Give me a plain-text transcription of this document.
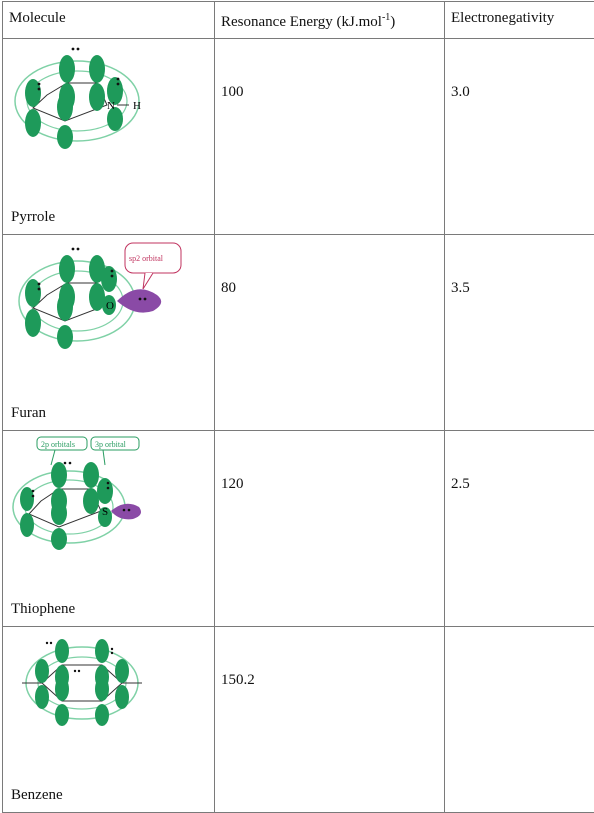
Molecule	Resonance Energy (kJ.mol$^{-1}$)	Electronegativity

N H
Pyrrole	100	3.0

O
sp2 orbital
Furan	80	3.5

2p orbitals 3p orbital
S
Thiophene	120	2.5

Benzene	150.2	
